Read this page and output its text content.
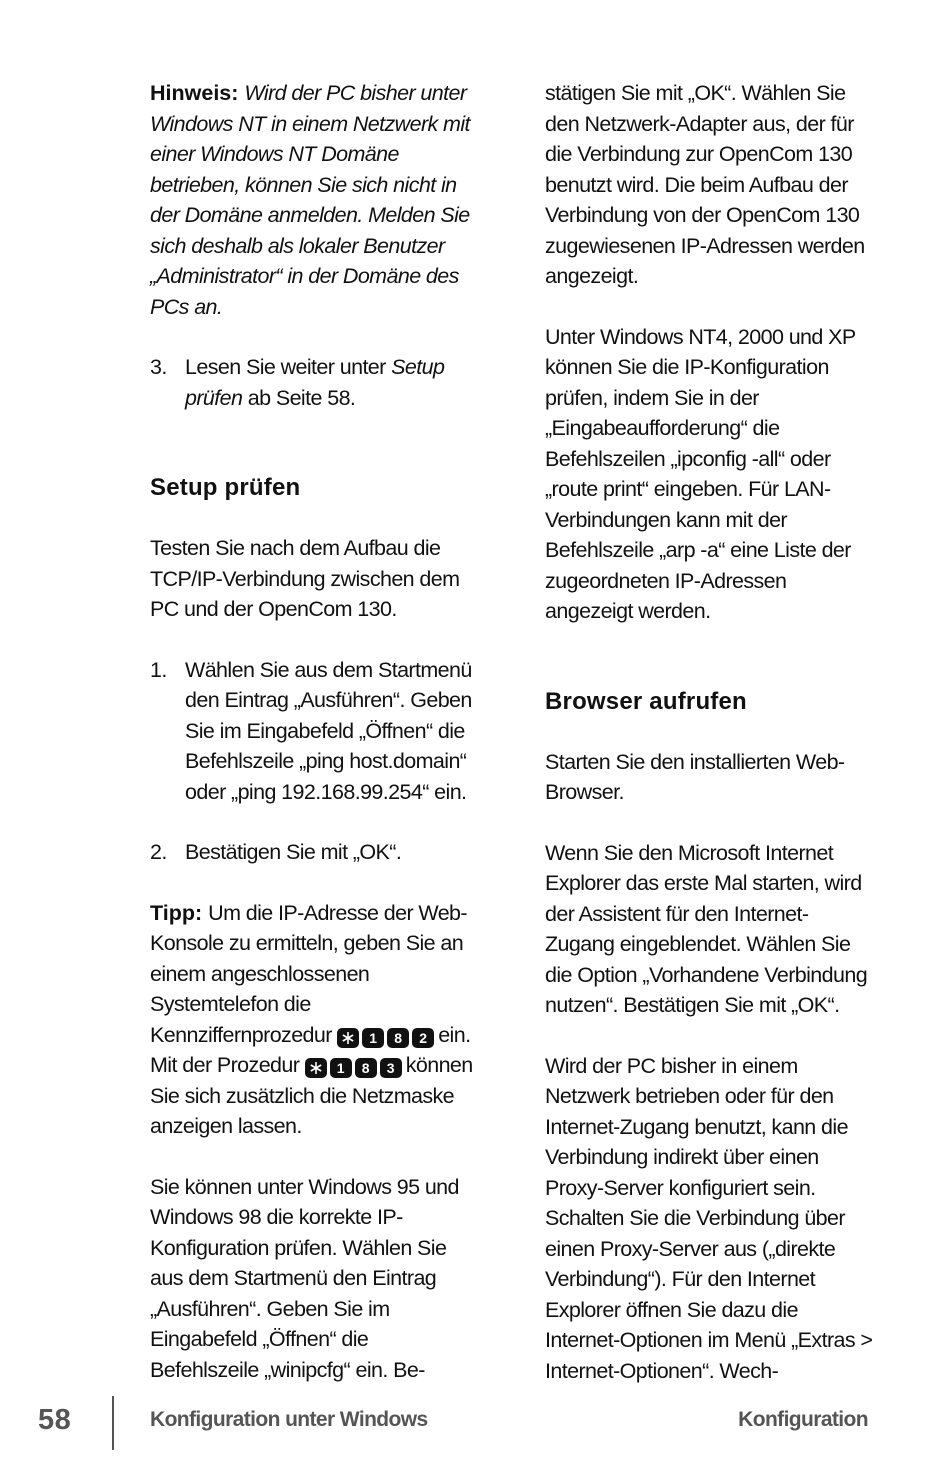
Hinweis: Wird der PC bisher unter Windows NT in einem Netzwerk mit einer Windows NT Domäne betrieben, können Sie sich nicht in der Domäne anmelden. Melden Sie sich deshalb als lokaler Benutzer „Administrator“ in der Domäne des PCs an.

3. Lesen Sie weiter unter Setup prüfen ab Seite 58.
Setup prüfen

Testen Sie nach dem Aufbau die TCP/IP-Verbindung zwischen dem PC und der OpenCom 130.

1. Wählen Sie aus dem Startmenü den Eintrag „Ausführen“. Geben Sie im Eingabefeld „Öffnen“ die Befehlszeile „ping host.domain“ oder „ping 192.168.99.254“ ein.
2. Bestätigen Sie mit „OK“.

Tipp: Um die IP-Adresse der Web-Konsole zu ermitteln, geben Sie an einem angeschlossenen Systemtelefon die Kennziffernprozedur	1	8	2 ein. Mit der Prozedur	1	8	3 können Sie sich zusätzlich die Netzmaske anzeigen lassen.

Sie können unter Windows 95 und Windows 98 die korrekte IP-Konfiguration prüfen. Wählen Sie aus dem Startmenü den Eintrag „Ausführen“. Geben Sie im Eingabefeld „Öffnen“ die Befehlszeile „winipcfg“ ein. Be-

stätigen Sie mit „OK“. Wählen Sie den Netzwerk-Adapter aus, der für die Verbindung zur OpenCom 130 benutzt wird. Die beim Aufbau der Verbindung von der OpenCom 130 zugewiesenen IP-Adressen werden angezeigt.

Unter Windows NT4, 2000 und XP können Sie die IP-Konfiguration prüfen, indem Sie in der „Eingabeaufforderung“ die Befehlszeilen „ipconfig -all“ oder „route print“ eingeben. Für LAN-Verbindungen kann mit der Befehlszeile „arp -a“ eine Liste der zugeordneten IP-Adressen angezeigt werden.

Browser aufrufen

Starten Sie den installierten Web-Browser.

Wenn Sie den Microsoft Internet Explorer das erste Mal starten, wird der Assistent für den Internet-Zugang eingeblendet. Wählen Sie die Option „Vorhandene Verbindung nutzen“. Bestätigen Sie mit „OK“.

Wird der PC bisher in einem Netzwerk betrieben oder für den Internet-Zugang benutzt, kann die Verbindung indirekt über einen Proxy-Server konfiguriert sein. Schalten Sie die Verbindung über einen Proxy-Server aus („direkte Verbindung“). Für den Internet Explorer öffnen Sie dazu die Internet-Optionen im Menü „Extras > Internet-Optionen“. Wech-

58	Konfiguration unter Windows	Konfiguration
